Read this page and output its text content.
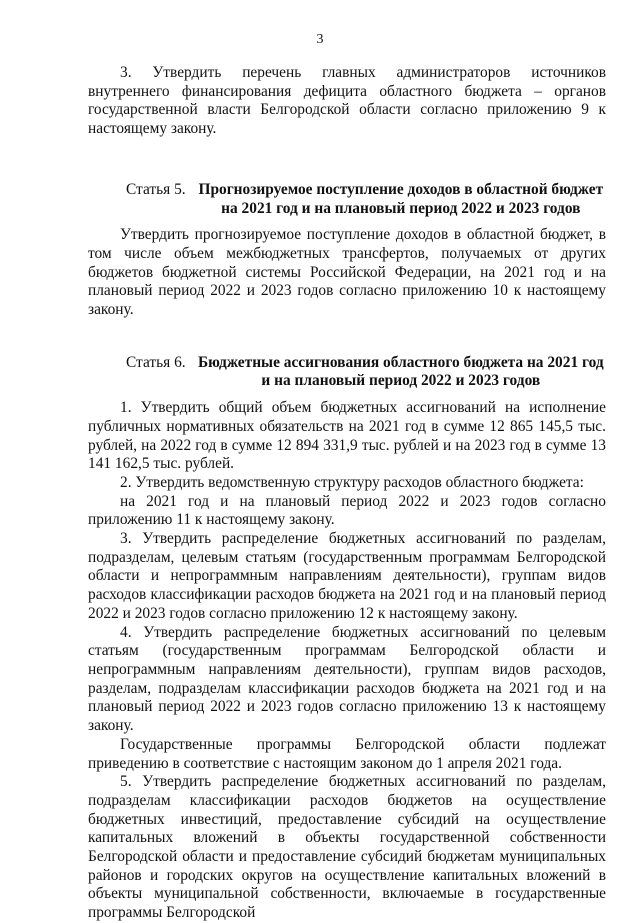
3

3. Утвердить перечень главных администраторов источников внутреннего финансирования дефицита областного бюджета – органов государственной власти Белгородской области согласно приложению 9 к настоящему закону.

Статья 5. Прогнозируемое поступление доходов в областной бюджет на 2021 год и на плановый период 2022 и 2023 годов

Утвердить прогнозируемое поступление доходов в областной бюджет, в том числе объем межбюджетных трансфертов, получаемых от других бюджетов бюджетной системы Российской Федерации, на 2021 год и на плановый период 2022 и 2023 годов согласно приложению 10 к настоящему закону.

Статья 6. Бюджетные ассигнования областного бюджета на 2021 год и на плановый период 2022 и 2023 годов

1. Утвердить общий объем бюджетных ассигнований на исполнение публичных нормативных обязательств на 2021 год в сумме 12 865 145,5 тыс. рублей, на 2022 год в сумме 12 894 331,9 тыс. рублей и на 2023 год в сумме 13 141 162,5 тыс. рублей.

2. Утвердить ведомственную структуру расходов областного бюджета:

на 2021 год и на плановый период 2022 и 2023 годов согласно приложению 11 к настоящему закону.

3. Утвердить распределение бюджетных ассигнований по разделам, подразделам, целевым статьям (государственным программам Белгородской области и непрограммным направлениям деятельности), группам видов расходов классификации расходов бюджета на 2021 год и на плановый период 2022 и 2023 годов согласно приложению 12 к настоящему закону.

4. Утвердить распределение бюджетных ассигнований по целевым статьям (государственным программам Белгородской области и непрограммным направлениям деятельности), группам видов расходов, разделам, подразделам классификации расходов бюджета на 2021 год и на плановый период 2022 и 2023 годов согласно приложению 13 к настоящему закону.

Государственные программы Белгородской области подлежат приведению в соответствие с настоящим законом до 1 апреля 2021 года.

5. Утвердить распределение бюджетных ассигнований по разделам, подразделам классификации расходов бюджетов на осуществление бюджетных инвестиций, предоставление субсидий на осуществление капитальных вложений в объекты государственной собственности Белгородской области и предоставление субсидий бюджетам муниципальных районов и городских округов на осуществление капитальных вложений в объекты муниципальной собственности, включаемые в государственные программы Белгородской
